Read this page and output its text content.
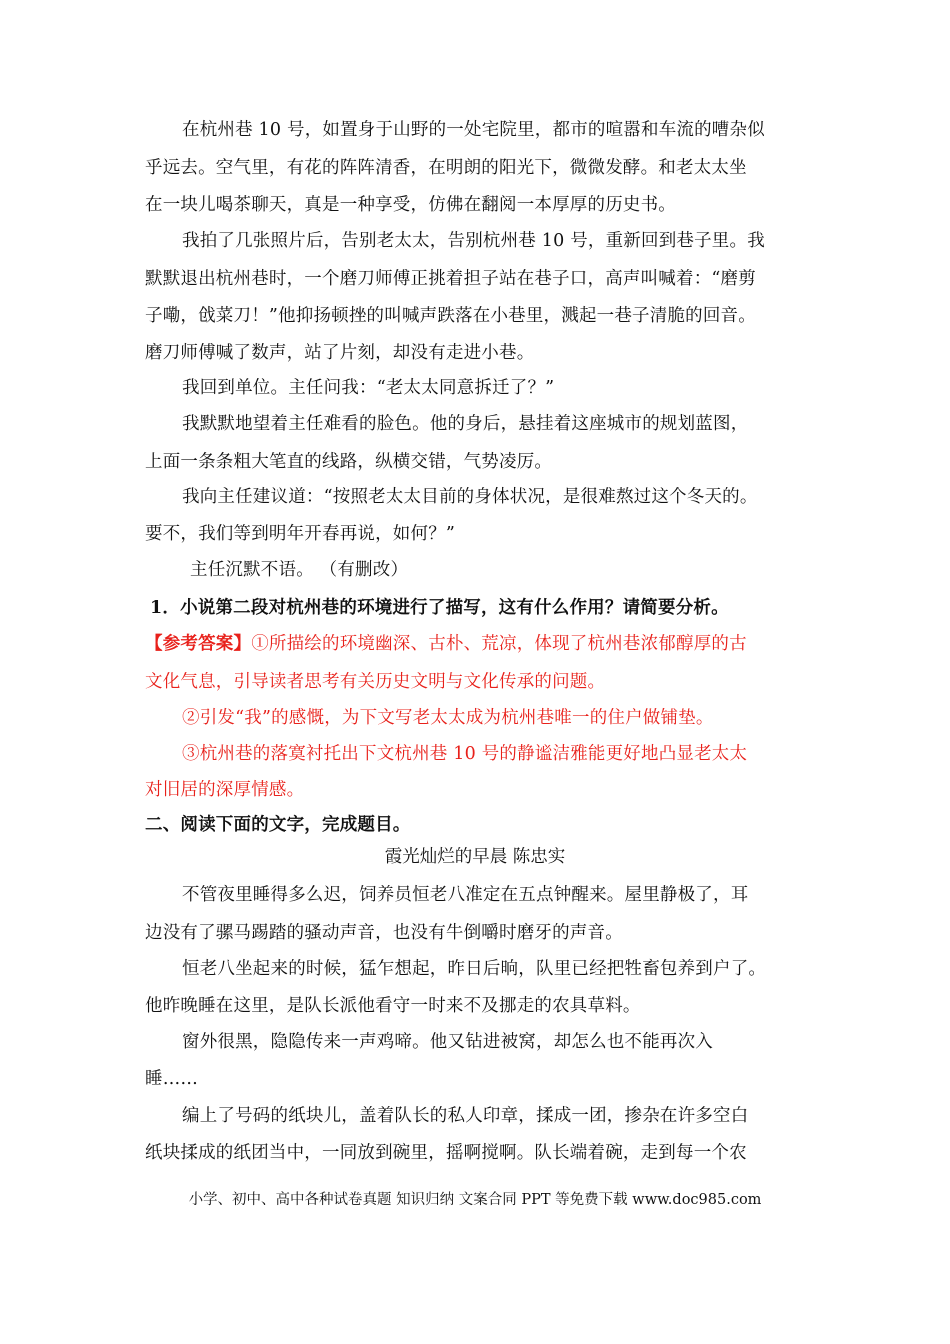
在杭州巷 10 号，如置身于山野的一处宅院里，都市的喧嚣和车流的嘈杂似
乎远去。空气里，有花的阵阵清香，在明朗的阳光下，微微发酵。和老太太坐
在一块儿喝茶聊天，真是一种享受，仿佛在翻阅一本厚厚的历史书。
我拍了几张照片后，告别老太太，告别杭州巷 10 号，重新回到巷子里。我
默默退出杭州巷时，一个磨刀师傅正挑着担子站在巷子口，高声叫喊着：“磨剪
子嘞，戗菜刀！”他抑扬顿挫的叫喊声跌落在小巷里，溅起一巷子清脆的回音。
磨刀师傅喊了数声，站了片刻，却没有走进小巷。
我回到单位。主任问我：“老太太同意拆迁了？”
我默默地望着主任难看的脸色。他的身后，悬挂着这座城市的规划蓝图，
上面一条条粗大笔直的线路，纵横交错，气势凌厉。
我向主任建议道：“按照老太太目前的身体状况，是很难熬过这个冬天的。
要不，我们等到明年开春再说，如何？”
主任沉默不语。 （有删改）
1．小说第二段对杭州巷的环境进行了描写，这有什么作用？请简要分析。
【参考答案】①所描绘的环境幽深、古朴、荒凉，体现了杭州巷浓郁醇厚的古
文化气息，引导读者思考有关历史文明与文化传承的问题。
②引发“我”的感慨，为下文写老太太成为杭州巷唯一的住户做铺垫。
③杭州巷的落寞衬托出下文杭州巷 10 号的静谧洁雅能更好地凸显老太太
对旧居的深厚情感。
二、阅读下面的文字，完成题目。
霞光灿烂的早晨 陈忠实
不管夜里睡得多么迟，饲养员恒老八准定在五点钟醒来。屋里静极了，耳
边没有了骡马踢踏的骚动声音，也没有牛倒嚼时磨牙的声音。
恒老八坐起来的时候，猛乍想起，昨日后晌，队里已经把牲畜包养到户了。
他昨晚睡在这里，是队长派他看守一时来不及挪走的农具草料。
窗外很黑，隐隐传来一声鸡啼。他又钻进被窝，却怎么也不能再次入
睡……
编上了号码的纸块儿，盖着队长的私人印章，揉成一团，掺杂在许多空白
纸块揉成的纸团当中，一同放到碗里，摇啊搅啊。队长端着碗，走到每一个农
小学、初中、高中各种试卷真题 知识归纳 文案合同 PPT 等免费下载 www.doc985.com
